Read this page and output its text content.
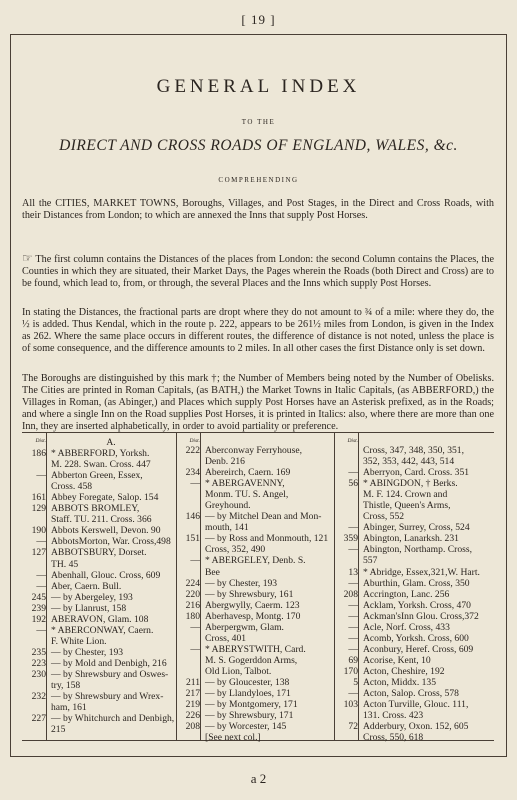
[ 19 ]
GENERAL INDEX
TO THE
DIRECT AND CROSS ROADS OF ENGLAND, WALES, &c.
COMPREHENDING

All the CITIES, MARKET TOWNS, Boroughs, Villages, and Post Stages, in the Direct and Cross Roads, with their Distances from London; to which are annexed the Inns that supply Post Horses.

☞ The first column contains the Distances of the places from London: the second Column contains the Places, the Counties in which they are situated, their Market Days, the Pages wherein the Roads (both Direct and Cross) are to be found, which lead to, from, or through, the several Places and the Inns which supply Post Horses.

In stating the Distances, the fractional parts are dropt where they do not amount to ¾ of a mile: where they do, the ½ is added. Thus Kendal, which in the route p. 222, appears to be 261½ miles from London, is given in the Index as 262. Where the same place occurs in different routes, the difference of distance is not noted, unless the place is of some consequence, and the difference amounts to 2 miles. In all other cases the first Distance only is set down.

The Boroughs are distinguished by this mark †; the Number of Members being noted by the Number of Obelisks. The Cities are printed in Roman Capitals, (as BATH,) the Market Towns in Italic Capitals, (as ABBERFORD,) the Villages in Roman, (as Abinger,) and Places which supply Post Horses have an Asterisk prefixed, as in the Roads; and where a single Inn on the Road supplies Post Horses, it is printed in Italics: also, where there are more than one Inn, they are inserted alphabetically, in order to avoid partiality or preference.

Dist.	A.
186 * ABBERFORD, Yorksh.
M. 228. Swan. Cross. 447
— Abberton Green, Essex,
Cross. 458
161 Abbey Foregate, Salop. 154
129 ABBOTS BROMLEY,
Staff. TU. 211. Cross. 366
190 Abbots Kerswell, Devon. 90
— AbbotsMorton, War. Cross,498
127 ABBOTSBURY, Dorset.
TH. 45
— Abenhall, Glouc. Cross, 609
— Aber, Caern. Bull.
245 — by Abergeley, 193
239 — by Llanrust, 158
192 ABERAVON, Glam. 108
— * ABERCONWAY, Caern.
F. White Lion.
235 — by Chester, 193
223 — by Mold and Denbigh, 216
230 — by Shrewsbury and Oswes-
try, 158
232 — by Shrewsbury and Wrex-
ham, 161
227 — by Whitchurch and Denbigh,
215
Dist.
222 Aberconway Ferryhouse,
Denb. 216
234 Abereirch, Caern. 169
— * ABERGAVENNY,
Monm. TU. S. Angel,
Greyhound.
146 — by Mitchel Dean and Mon-
mouth, 141
151 — by Ross and Monmouth, 121
Cross, 352, 490
— * ABERGELEY, Denb. S.
Bee
224 — by Chester, 193
220 — by Shrewsbury, 161
216 Abergwylly, Caerm. 123
180 Aberhavesp, Montg. 170
— Aberpergwm, Glam.
Cross, 401
— * ABERYSTWITH, Card.
M. S. Gogerddon Arms,
Old Lion, Talbot.
211 — by Gloucester, 138
217 — by Llandyloes, 171
219 — by Montgomery, 171
226 — by Shrewsbury, 171
208 — by Worcester, 145
[See next col.]
Dist.
Cross, 347, 348, 350, 351,
352, 353, 442, 443, 514
— Aberryon, Card. Cross. 351
56 * ABINGDON, † Berks.
M. F. 124. Crown and
Thistle, Queen's Arms,
Cross, 552
— Abinger, Surrey, Cross, 524
359 Abington, Lanarksh. 231
— Abington, Northamp. Cross,
557
13 * Abridge, Essex,321,W. Hart.
— Aburthin, Glam. Cross, 350
208 Accrington, Lanc. 256
— Acklam, Yorksh. Cross, 470
— Ackman'sInn Glou. Cross,372
— Acle, Norf. Cross, 433
— Acomb, Yorksh. Cross, 600
— Aconbury, Heref. Cross, 609
69 Acorise, Kent, 10
170 Acton, Cheshire, 192
5 Acton, Middx. 135
— Acton, Salop. Cross, 578
103 Acton Turville, Glouc. 111,
131. Cross. 423
72 Adderbury, Oxon. 152, 605
Cross, 550, 618
a 2
